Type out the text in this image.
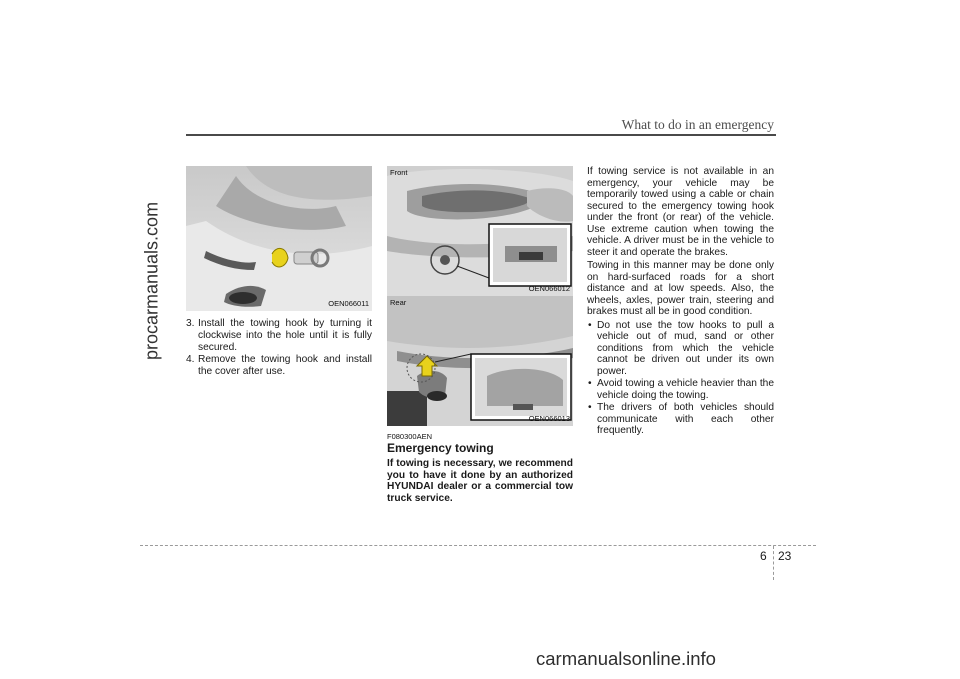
What to do in an emergency
procarmanuals.com	OEN066011
3. Install the towing hook by turning it clockwise into the hole until it is fully secured.
4. Remove the towing hook and install the cover after use.
Front
OEN066012
Rear
OEN066013
F080300AEN
Emergency towing
If towing is necessary, we recommend you to have it done by an authorized HYUNDAI dealer or a commercial tow truck service.

If towing service is not available in an emergency, your vehicle may be temporarily towed using a cable or chain secured to the emergency towing hook under the front (or rear) of the vehicle. Use extreme caution when towing the vehicle. A driver must be in the vehicle to steer it and operate the brakes.

Towing in this manner may be done only on hard-surfaced roads for a short distance and at low speeds. Also, the wheels, axles, power train, steering and brakes must all be in good condition.

• Do not use the tow hooks to pull a vehicle out of mud, sand or other conditions from which the vehicle cannot be driven out under its own power.
• Avoid towing a vehicle heavier than the vehicle doing the towing.
• The drivers of both vehicles should communicate with each other frequently.
6 23
carmanualsonline.info
